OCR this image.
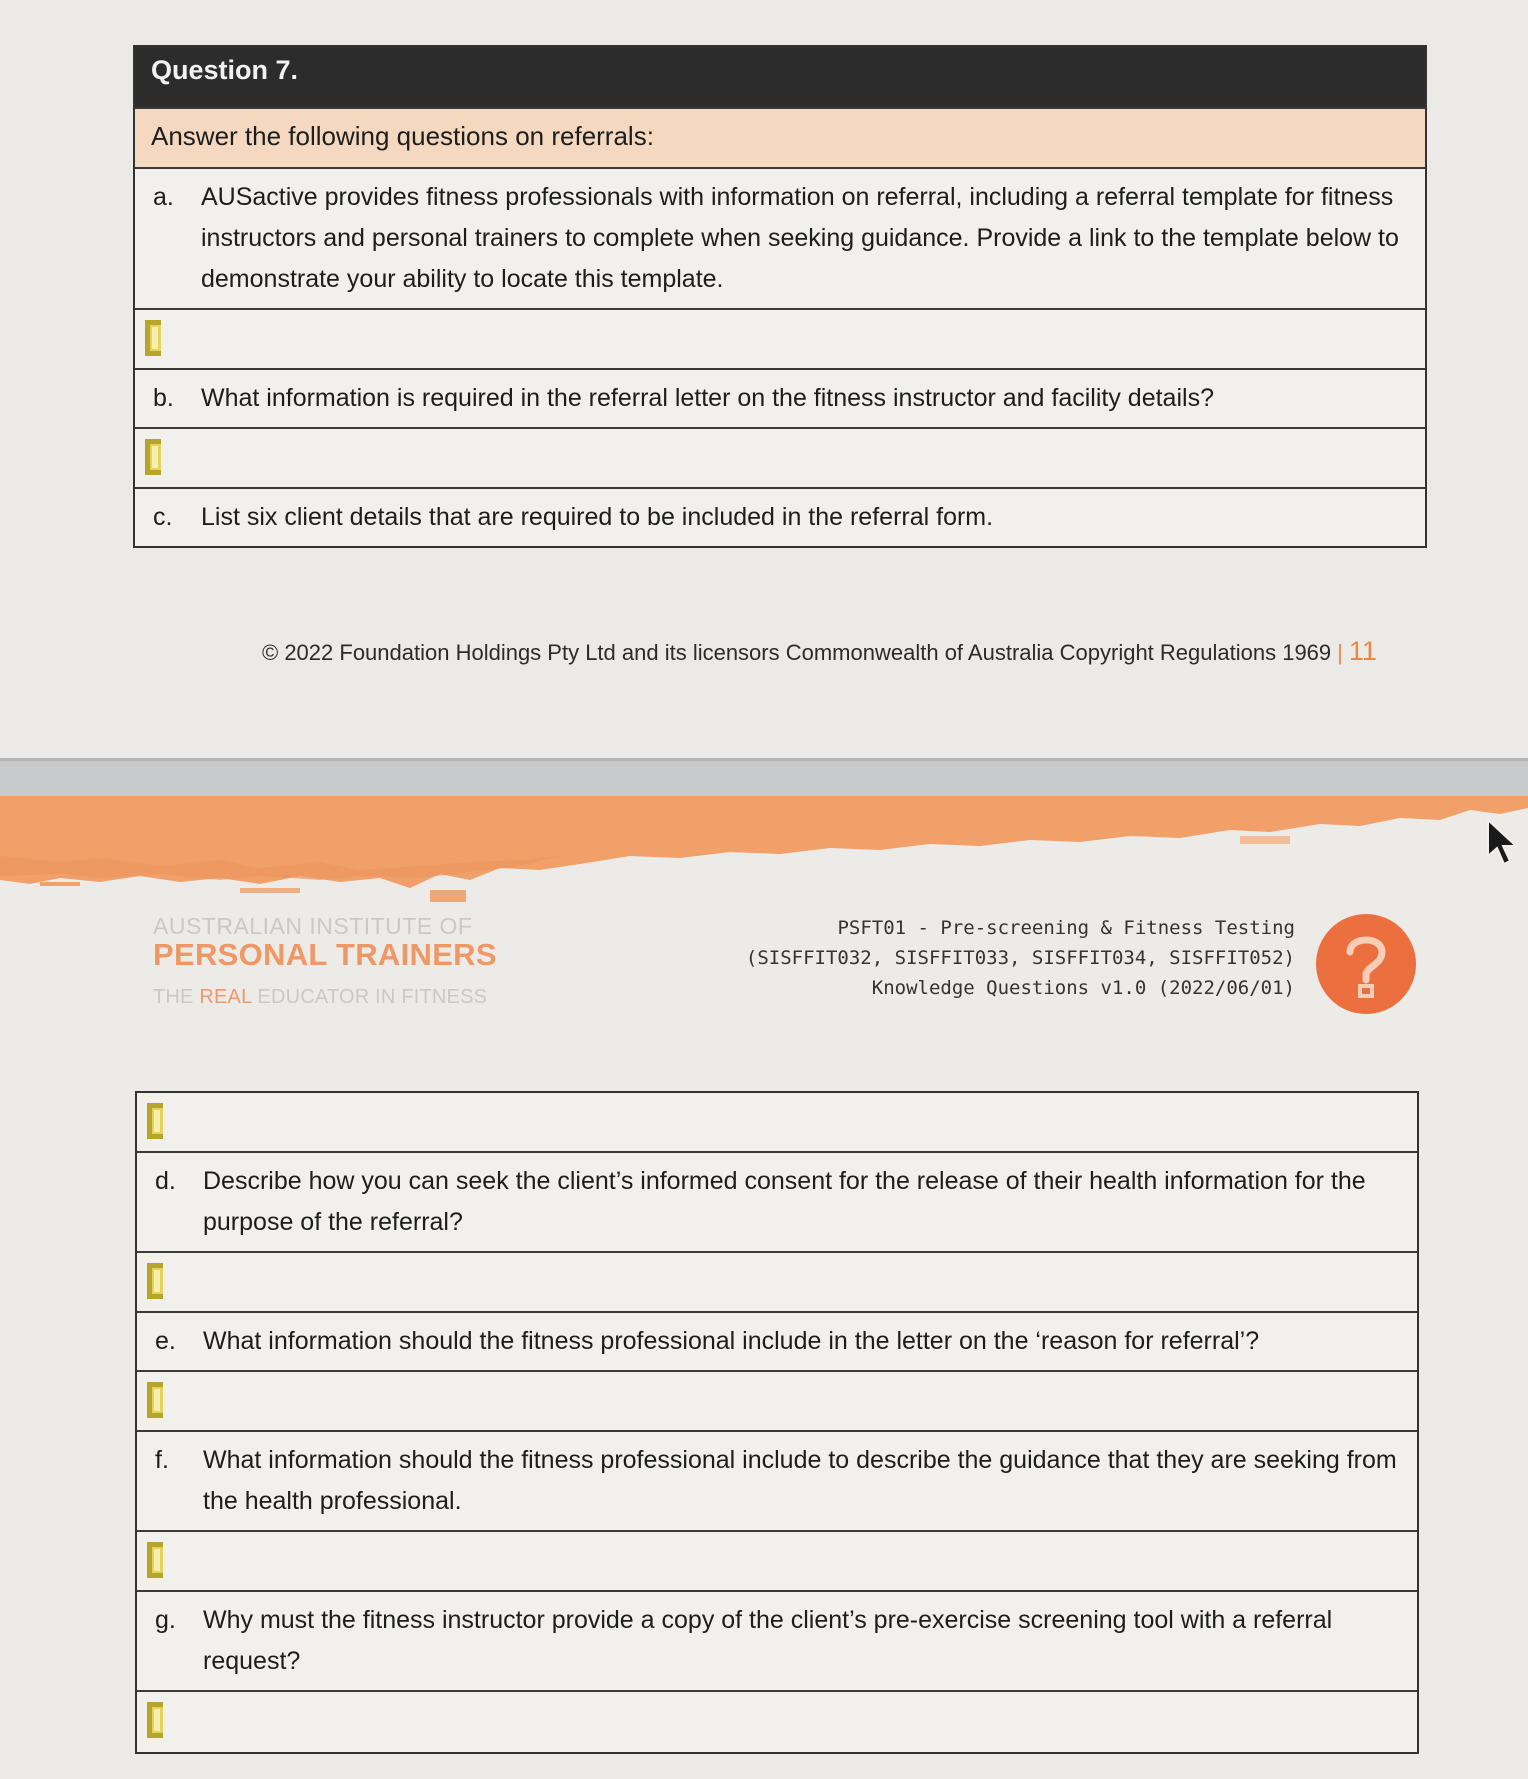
Question 7.
Answer the following questions on referrals:
a.	AUSactive provides fitness professionals with information on referral, including a referral template for fitness instructors and personal trainers to complete when seeking guidance. Provide a link to the template below to demonstrate your ability to locate this template.
b.	What information is required in the referral letter on the fitness instructor and facility details?
c.	List six client details that are required to be included in the referral form.
© 2022 Foundation Holdings Pty Ltd and its licensors Commonwealth of Australia Copyright Regulations 1969 | 11
AUSTRALIAN INSTITUTE OF
PERSONAL TRAINERS
THE REAL EDUCATOR IN FITNESS
PSFT01 - Pre-screening & Fitness Testing
(SISFFIT032, SISFFIT033, SISFFIT034, SISFFIT052)
Knowledge Questions v1.0 (2022/06/01)
d.	Describe how you can seek the client’s informed consent for the release of their health information for the purpose of the referral?
e.	What information should the fitness professional include in the letter on the ‘reason for referral’?
f.	What information should the fitness professional include to describe the guidance that they are seeking from the health professional.
g.	Why must the fitness instructor provide a copy of the client’s pre-exercise screening tool with a referral request?
